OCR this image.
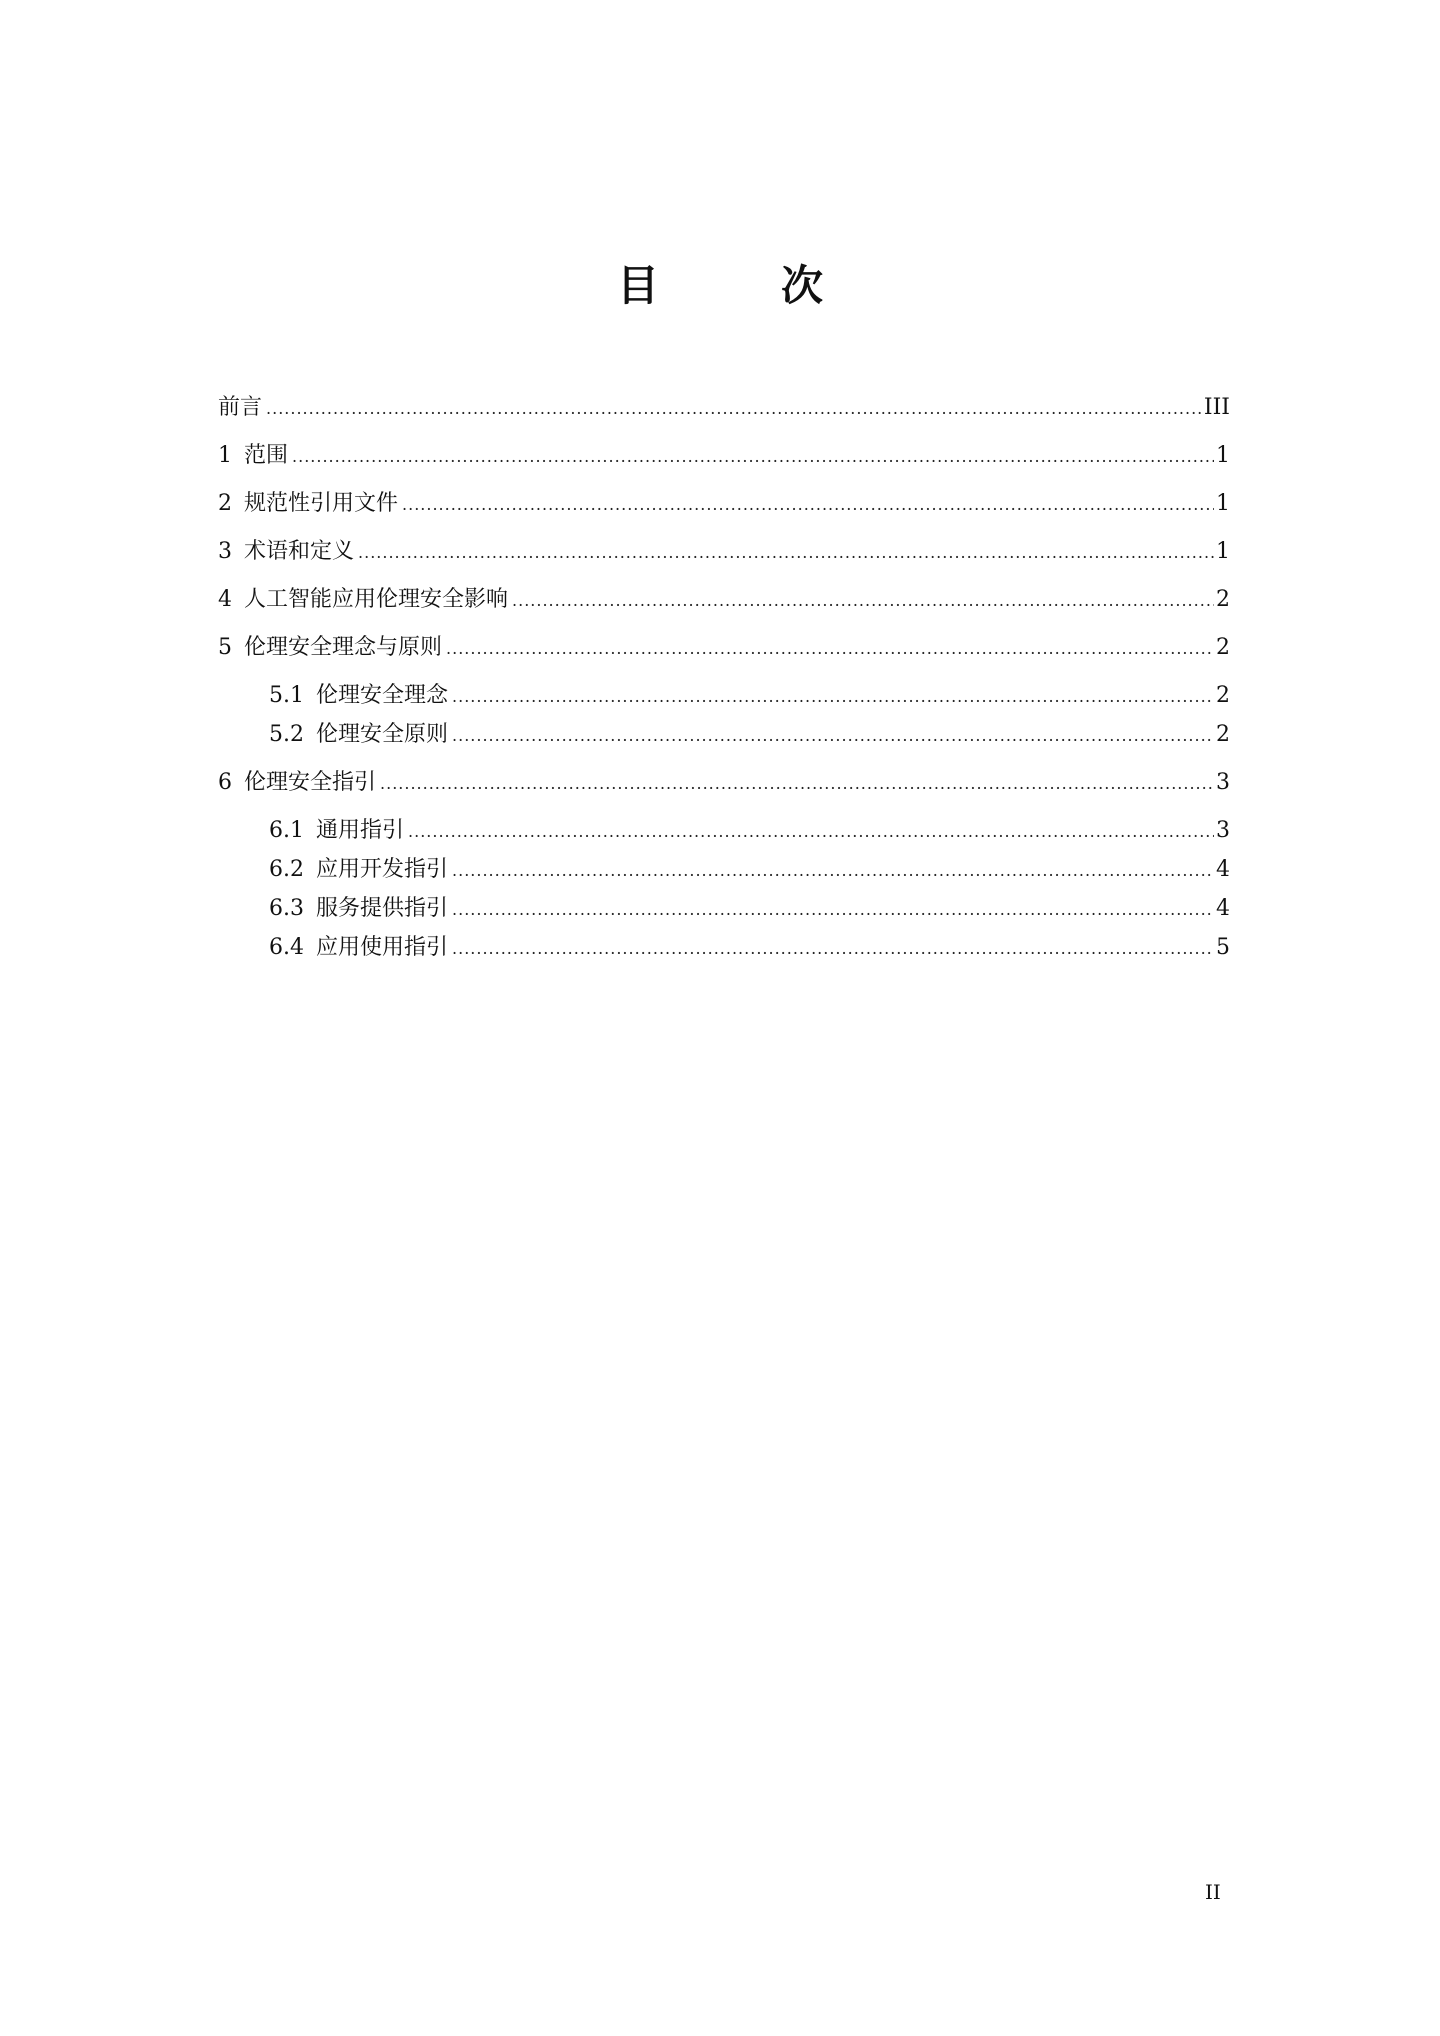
目　次
前言 .....	III
1 范围 .....	1
2 规范性引用文件 .....	1
3 术语和定义 .....	1
4 人工智能应用伦理安全影响 .....	2
5 伦理安全理念与原则 .....	2
5.1 伦理安全理念 .....	2
5.2 伦理安全原则 .....	2
6 伦理安全指引 .....	3
6.1 通用指引 .....	3
6.2 应用开发指引 .....	4
6.3 服务提供指引 .....	4
6.4 应用使用指引 .....	5
II
